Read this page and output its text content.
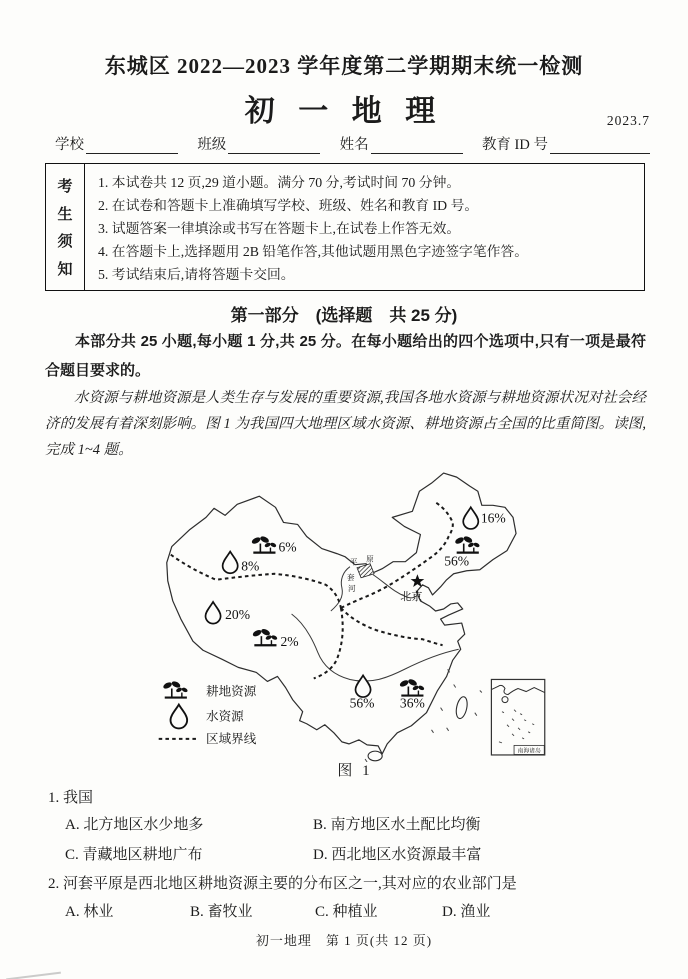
东城区 2022—2023 学年度第二学期期末统一检测
初 一 地 理	2023.7
学校	班级	姓名	教育 ID 号
考
生
须
知
1. 本试卷共 12 页,29 道小题。满分 70 分,考试时间 70 分钟。
2. 在试卷和答题卡上准确填写学校、班级、姓名和教育 ID 号。
3. 试题答案一律填涂或书写在答题卡上,在试卷上作答无效。
4. 在答题卡上,选择题用 2B 铅笔作答,其他试题用黑色字迹签字笔作答。
5. 考试结束后,请将答题卡交回。
第一部分　(选择题　共 25 分)
本部分共 25 小题,每小题 1 分,共 25 分。在每小题给出的四个选项中,只有一项是最符合题目要求的。
水资源与耕地资源是人类生存与发展的重要资源,我国各地水资源与耕地资源状况对社会经济的发展有着深刻影响。图 1 为我国四大地理区域水资源、耕地资源占全国的比重简图。读图,完成 1~4 题。
平 原
套
河
北京
6%
8%
20%
2%
16%
56%
56% 36%
耕地资源
水资源
区域界线
南海诸岛
图 1
1. 我国
A. 北方地区水少地多	B. 南方地区水土配比均衡
C. 青藏地区耕地广布	D. 西北地区水资源最丰富
2. 河套平原是西北地区耕地资源主要的分布区之一,其对应的农业部门是
A. 林业	B. 畜牧业	C. 种植业	D. 渔业
初一地理　第 1 页(共 12 页)
